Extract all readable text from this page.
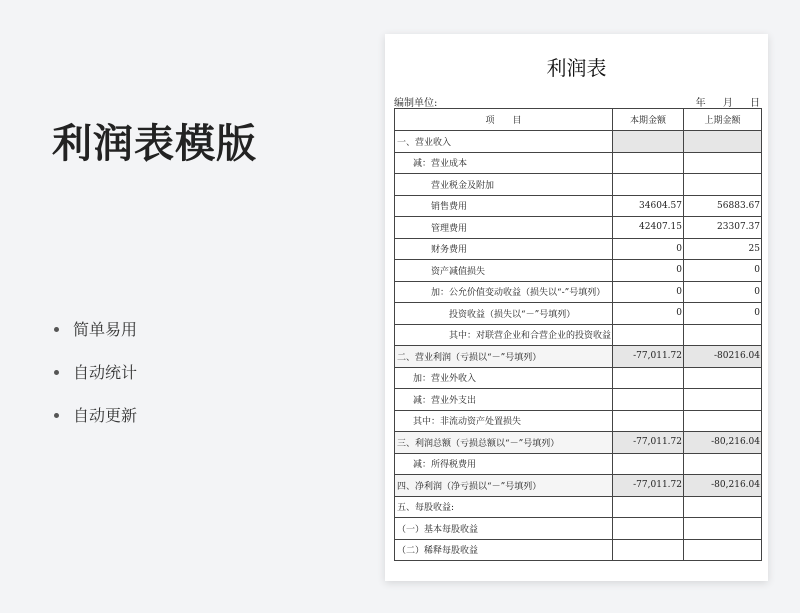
利润表模版
简单易用
自动统计
自动更新
利润表
编制单位:	年 月 日
项　　目	本期金额	上期金额
一、营业收入		
减：营业成本		
营业税金及附加		
销售费用	34604.57	56883.67
管理费用	42407.15	23307.37
财务费用	0	25
资产减值损失	0	0
加：公允价值变动收益（损失以“-”号填列）	0	0
投资收益（损失以“－”号填列）	0	0
其中：对联营企业和合营企业的投资收益		
二、营业利润（亏损以“－”号填列）	-77,011.72	-80216.04
加：营业外收入		
减：营业外支出		
其中：非流动资产处置损失		
三、利润总额（亏损总额以“－”号填列）	-77,011.72	-80,216.04
减：所得税费用		
四、净利润（净亏损以“－”号填列）	-77,011.72	-80,216.04
五、每股收益:		
（一）基本每股收益		
（二）稀释每股收益		
